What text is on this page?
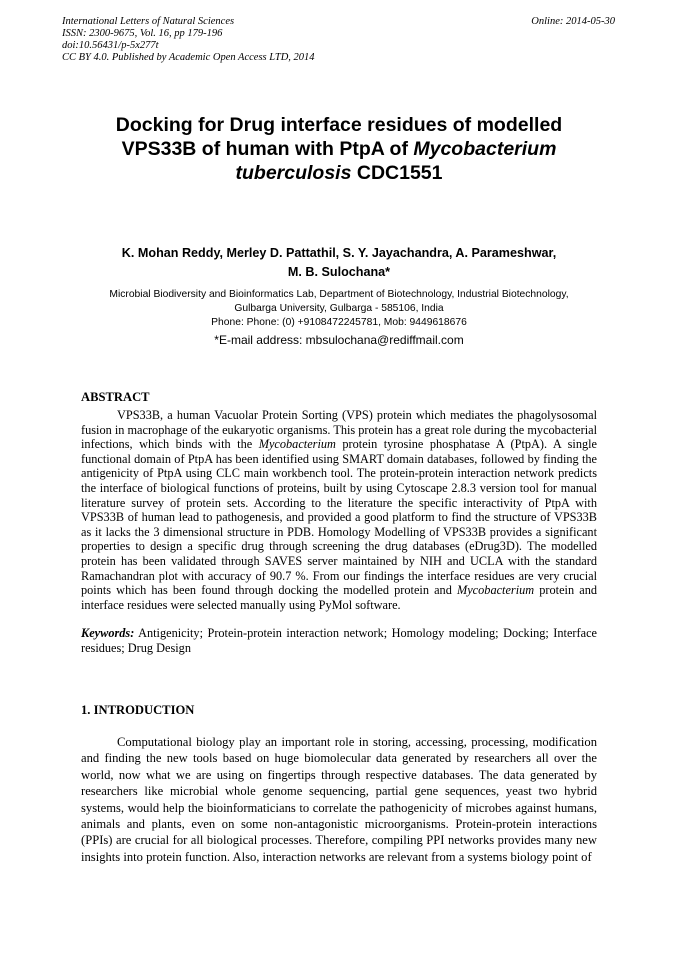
International Letters of Natural Sciences
ISSN: 2300-9675, Vol. 16, pp 179-196
doi:10.56431/p-5x277t
CC BY 4.0. Published by Academic Open Access LTD, 2014
Online: 2014-05-30
Docking for Drug interface residues of modelled
VPS33B of human with PtpA of Mycobacterium
tuberculosis CDC1551
K. Mohan Reddy, Merley D. Pattathil, S. Y. Jayachandra, A. Parameshwar,
M. B. Sulochana*
Microbial Biodiversity and Bioinformatics Lab, Department of Biotechnology, Industrial Biotechnology,
Gulbarga University, Gulbarga - 585106, India
Phone: Phone: (0) +9108472245781, Mob: 9449618676
*E-mail address: mbsulochana@rediffmail.com
ABSTRACT
VPS33B, a human Vacuolar Protein Sorting (VPS) protein which mediates the phagolysosomal fusion in macrophage of the eukaryotic organisms. This protein has a great role during the mycobacterial infections, which binds with the Mycobacterium protein tyrosine phosphatase A (PtpA). A single functional domain of PtpA has been identified using SMART domain databases, followed by finding the antigenicity of PtpA using CLC main workbench tool. The protein-protein interaction network predicts the interface of biological functions of proteins, built by using Cytoscape 2.8.3 version tool for manual literature survey of protein sets. According to the literature the specific interactivity of PtpA with VPS33B of human lead to pathogenesis, and provided a good platform to find the structure of VPS33B as it lacks the 3 dimensional structure in PDB. Homology Modelling of VPS33B provides a significant properties to design a specific drug through screening the drug databases (eDrug3D). The modelled protein has been validated through SAVES server maintained by NIH and UCLA with the standard Ramachandran plot with accuracy of 90.7 %. From our findings the interface residues are very crucial points which has been found through docking the modelled protein and Mycobacterium protein and interface residues were selected manually using PyMol software.
Keywords: Antigenicity; Protein-protein interaction network; Homology modeling; Docking; Interface residues; Drug Design
1. INTRODUCTION
Computational biology play an important role in storing, accessing, processing, modification and finding the new tools based on huge biomolecular data generated by researchers all over the world, now what we are using on fingertips through respective databases. The data generated by researchers like microbial whole genome sequencing, partial gene sequences, yeast two hybrid systems, would help the bioinformaticians to correlate the pathogenicity of microbes against humans, animals and plants, even on some non-antagonistic microorganisms. Protein-protein interactions (PPIs) are crucial for all biological processes. Therefore, compiling PPI networks provides many new insights into protein function. Also, interaction networks are relevant from a systems biology point of
